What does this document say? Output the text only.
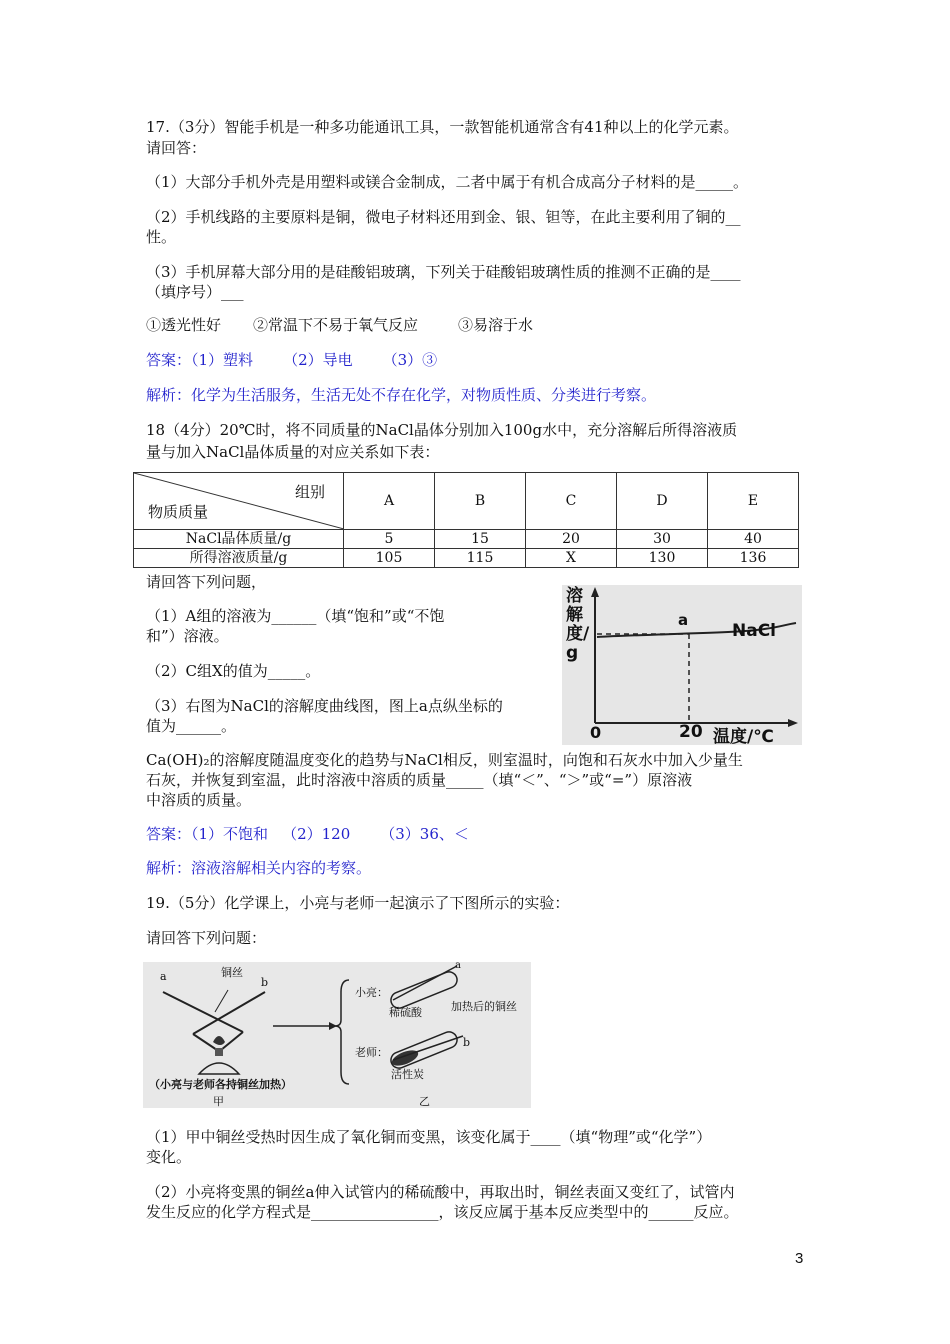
17.（3分）智能手机是一种多功能通讯工具，一款智能机通常含有41种以上的化学元素。
请回答：
（1）大部分手机外壳是用塑料或镁合金制成，二者中属于有机合成高分子材料的是_____。
（2）手机线路的主要原料是铜，微电子材料还用到金、银、钽等，在此主要利用了铜的__
性。
（3）手机屏幕大部分用的是硅酸铝玻璃，下列关于硅酸铝玻璃性质的推测不正确的是____
（填序号）___
①透光性好 ②常温下不易于氧气反应	③易溶于水
答案：（1）塑料 （2）导电 （3）③
解析：化学为生活服务，生活无处不存在化学，对物质性质、分类进行考察。
18（4分）20℃时，将不同质量的NaCl晶体分别加入100g水中，充分溶解后所得溶液质
量与加入NaCl晶体质量的对应关系如下表：
组别
物质质量	A	B	C	D	E
NaCl晶体质量/g	5	15	20	30	40
所得溶液质量/g	105	115	X	130	136
请回答下列问题，
（1）A组的溶液为______（填“饱和”或“不饱
和”）溶液。
（2）C组X的值为_____。
（3）右图为NaCl的溶解度曲线图，图上a点纵坐标的
值为______。
溶解度/g
a
NaCl
0	20 温度/℃
Ca(OH)₂的溶解度随温度变化的趋势与NaCl相反，则室温时，向饱和石灰水中加入少量生
石灰，并恢复到室温，此时溶液中溶质的质量_____（填“＜”、“＞”或“=”）原溶液
中溶质的质量。
答案：（1）不饱和 （2）120 （3）36、＜
解析：溶液溶解相关内容的考察。
19.（5分）化学课上，小亮与老师一起演示了下图所示的实验：
请回答下列问题：
a	铜丝
b
（小亮与老师各持铜丝加热）
甲
小亮：
稀硫酸	加热后的铜丝
a
b
老师：
活性炭
乙
（1）甲中铜丝受热时因生成了氧化铜而变黑，该变化属于____（填“物理”或“化学”）
变化。
（2）小亮将变黑的铜丝a伸入试管内的稀硫酸中，再取出时，铜丝表面又变红了，试管内
发生反应的化学方程式是_________________，该反应属于基本反应类型中的______反应。
3
